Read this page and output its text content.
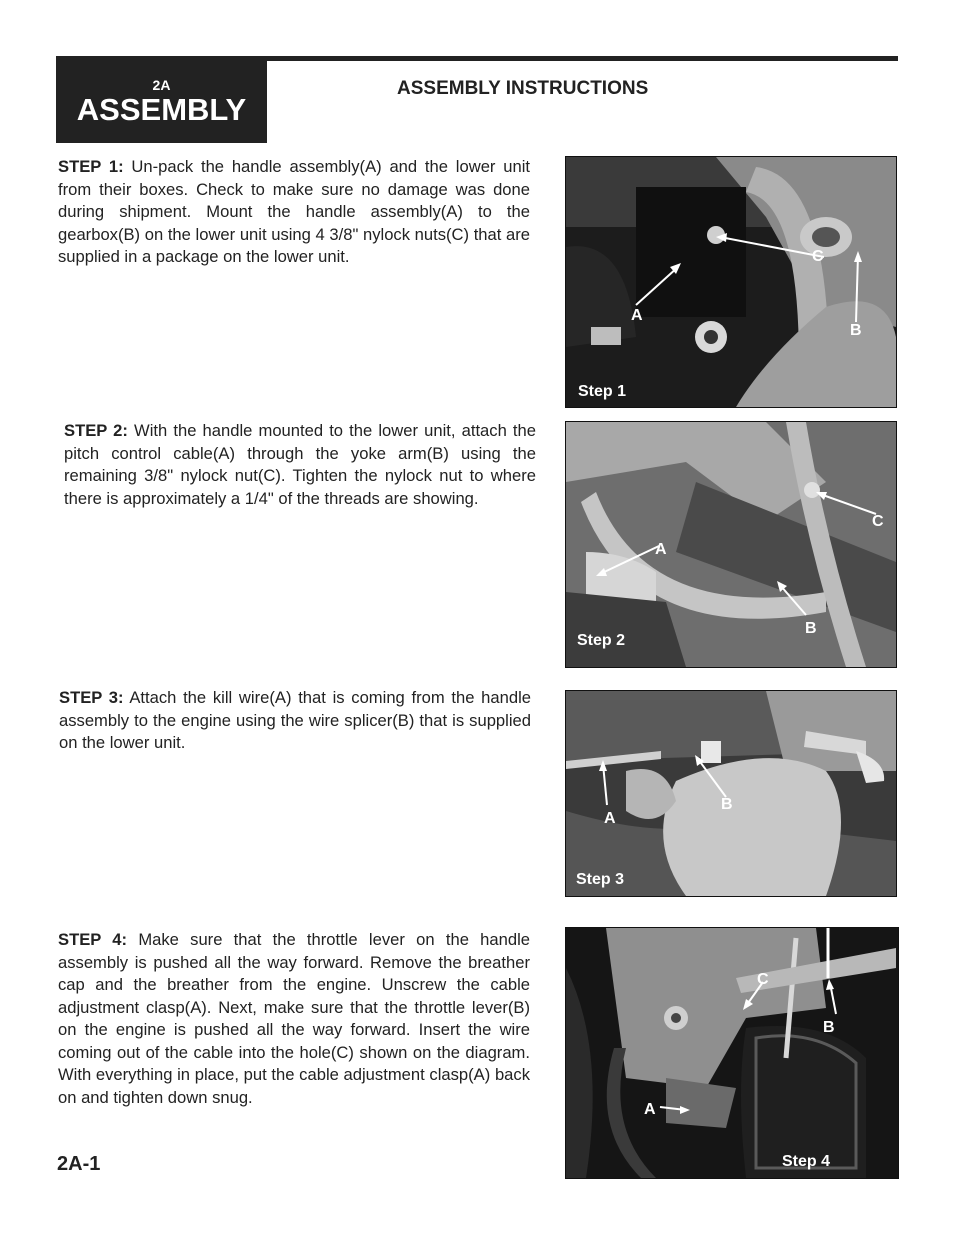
2A
ASSEMBLY
ASSEMBLY INSTRUCTIONS
STEP 1: Un-pack the handle assembly(A) and the lower unit from their boxes. Check to make sure no damage was done during shipment. Mount the handle assembly(A) to the gearbox(B) on the lower unit using 4 3/8" nylock nuts(C) that are supplied in a package on the lower unit.
A
B
C
Step 1
STEP 2: With the handle mounted to the lower unit, attach the pitch control cable(A) through the yoke arm(B) using the remaining 3/8" nylock nut(C). Tighten the nylock nut to where there is approximately a 1/4" of the threads are showing.
A
B
C
Step 2
STEP 3: Attach the kill wire(A) that is coming from the handle assembly to the engine using the wire splicer(B) that is supplied on the lower unit.
A
B
Step 3
STEP 4: Make sure that the throttle lever on the handle assembly is pushed all the way forward. Remove the breather cap and the breather from the engine. Unscrew the cable adjustment clasp(A). Next, make sure that the throttle lever(B) on the engine is pushed all the way forward. Insert the wire coming out of the cable into the hole(C) shown on the diagram. With everything in place, put the cable adjustment clasp(A) back on and tighten down snug.
C
B
A
Step 4
2A-1
